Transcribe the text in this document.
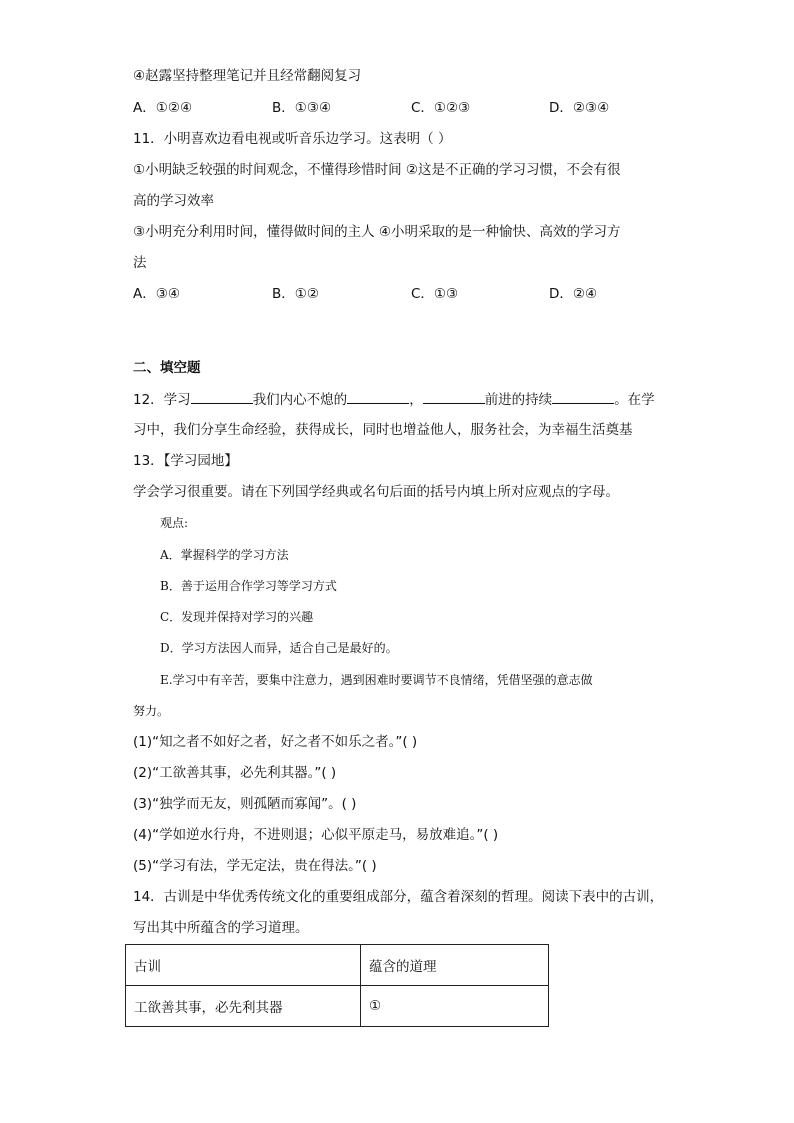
④赵露坚持整理笔记并且经常翻阅复习
A．①②④	B．①③④	C．①②③	D．②③④
11．小明喜欢边看电视或听音乐边学习。这表明（ ）
①小明缺乏较强的时间观念，不懂得珍惜时间 ②这是不正确的学习习惯，不会有很
高的学习效率
③小明充分利用时间，懂得做时间的主人 ④小明采取的是一种愉快、高效的学习方
法
A．③④	B．①②	C．①③	D．②④
二、填空题
12．学习	我们内心不熄的	，	前进的持续	。在学
习中，我们分享生命经验，获得成长，同时也增益他人，服务社会，为幸福生活奠基
13．【学习园地】
学会学习很重要。请在下列国学经典或名句后面的括号内填上所对应观点的字母。
观点:
A．掌握科学的学习方法
B．善于运用合作学习等学习方式
C．发现并保持对学习的兴趣
D．学习方法因人而异，适合自己是最好的。
E.学习中有辛苦，要集中注意力，遇到困难时要调节不良情绪，凭借坚强的意志做
努力。
(1)“知之者不如好之者，好之者不如乐之者。”( )
(2)“工欲善其事，必先利其器。”( )
(3)“独学而无友，则孤陋而寡闻”。( )
(4)“学如逆水行舟，不进则退；心似平原走马，易放难追。”( )
(5)“学习有法，学无定法，贵在得法。”( )
14．古训是中华优秀传统文化的重要组成部分，蕴含着深刻的哲理。阅读下表中的古训，
写出其中所蕴含的学习道理。
古训	蕴含的道理
工欲善其事，必先利其器	①
